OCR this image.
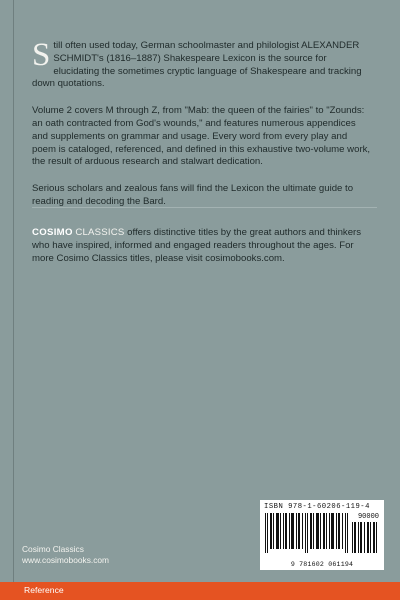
Still often used today, German schoolmaster and philologist ALEXANDER SCHMIDT's (1816–1887) Shakespeare Lexicon is the source for elucidating the sometimes cryptic language of Shakespeare and tracking down quotations.

Volume 2 covers M through Z, from "Mab: the queen of the fairies" to "Zounds: an oath contracted from God's wounds," and features numerous appendices and supplements on grammar and usage. Every word from every play and poem is cataloged, referenced, and defined in this exhaustive two-volume work, the result of arduous research and stalwart dedication.

Serious scholars and zealous fans will find the Lexicon the ultimate guide to reading and decoding the Bard.

COSIMO CLASSICS offers distinctive titles by the great authors and thinkers who have inspired, informed and engaged readers throughout the ages. For more Cosimo Classics titles, please visit cosimobooks.com.
ISBN 978-1-60206-119-4
90000
9 781602 061194
Cosimo Classics
www.cosimobooks.com
Reference
